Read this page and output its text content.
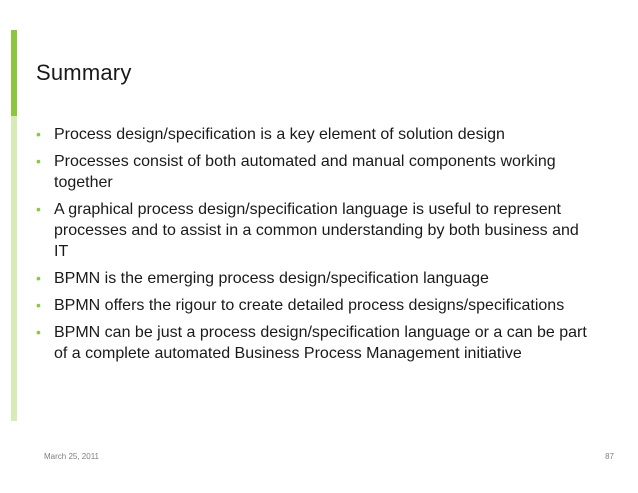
Summary
• Process design/specification is a key element of solution design
• Processes consist of both automated and manual components working together
• A graphical process design/specification language is useful to represent processes and to assist in a common understanding by both business and IT
• BPMN is the emerging process design/specification language
• BPMN offers the rigour to create detailed process designs/specifications
• BPMN can be just a process design/specification language or a can be part of a complete automated Business Process Management initiative
March 25, 2011	87
